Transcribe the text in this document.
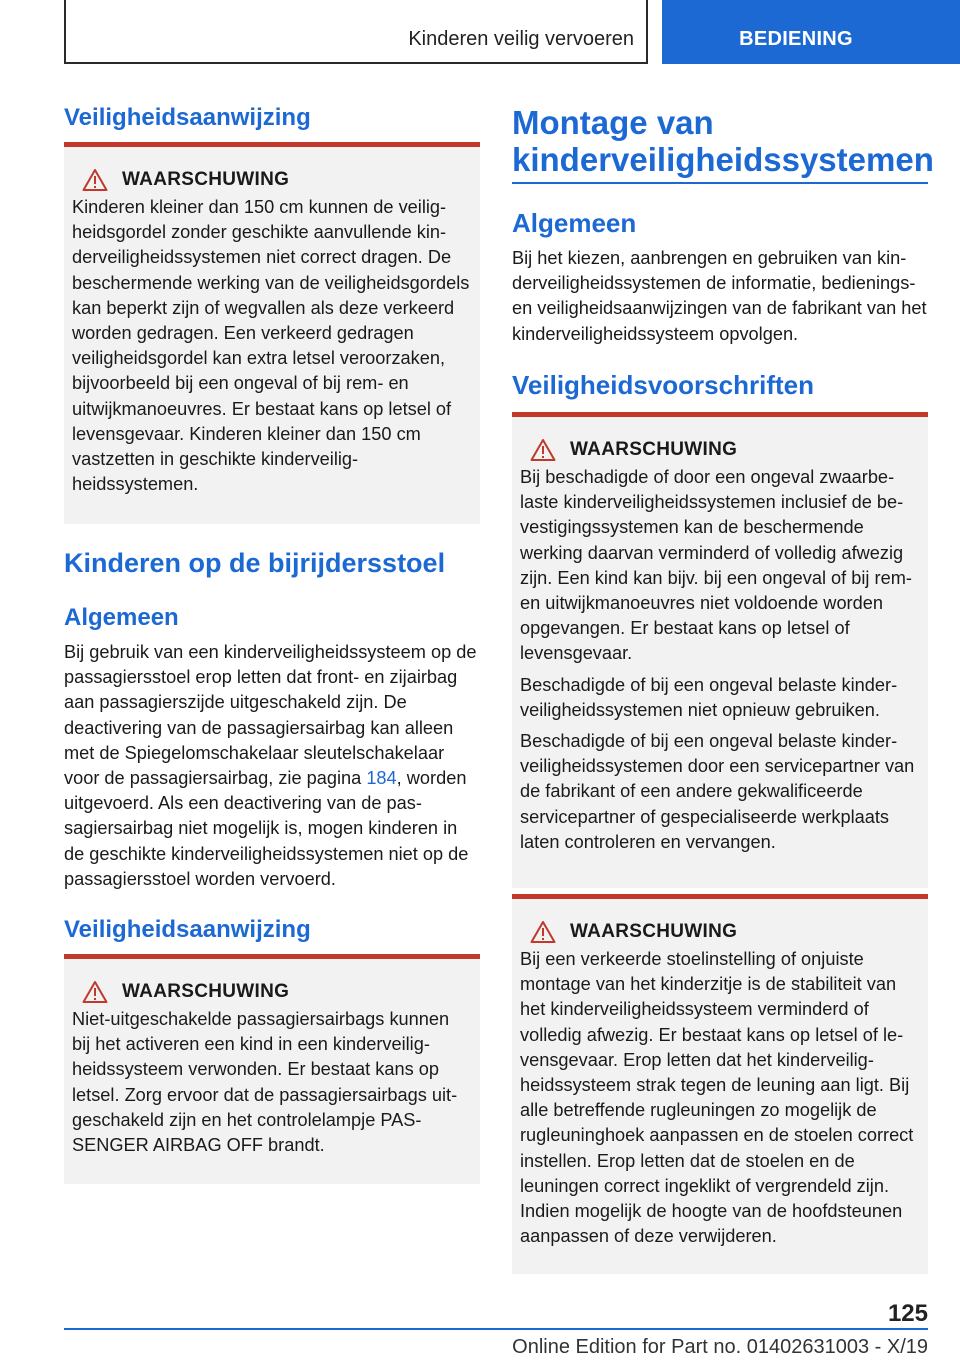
Kinderen veilig vervoeren	BEDIENING
Veiligheidsaanwijzing
WAARSCHUWING

Kinderen kleiner dan 150 cm kunnen de veiligheidsgordel zonder geschikte aanvullende kinderveiligheidssystemen niet correct dragen. De beschermende werking van de veiligheidsgordels kan beperkt zijn of wegvallen als deze verkeerd worden gedragen. Een verkeerd gedragen veiligheidsgordel kan extra letsel veroorzaken, bijvoorbeeld bij een ongeval of bij rem- en uitwijkmanoeuvres. Er bestaat kans op letsel of levensgevaar. Kinderen kleiner dan 150 cm vastzetten in geschikte kinderveiligheidssystemen.

Kinderen op de bijrijdersstoel
Algemeen

Bij gebruik van een kinderveiligheidssysteem op de passagiersstoel erop letten dat front- en zijairbag aan passagierszijde uitgeschakeld zijn. De deactivering van de passagiersairbag kan alleen met de Spiegelomschakelaar sleutelschakelaar voor de passagiersairbag, zie pagina 184, worden uitgevoerd. Als een deactivering van de passagiersairbag niet mogelijk is, mogen kinderen in de geschikte kinderveiligheidssystemen niet op de passagiersstoel worden vervoerd.

Veiligheidsaanwijzing
WAARSCHUWING

Niet-uitgeschakelde passagiersairbags kunnen bij het activeren een kind in een kinderveiligheidssysteem verwonden. Er bestaat kans op letsel. Zorg ervoor dat de passagiersairbags uitgeschakeld zijn en het controlelampje PASSENGER AIRBAG OFF brandt.

Montage van kinderveiligheidssystemen
Algemeen

Bij het kiezen, aanbrengen en gebruiken van kinderveiligheidssystemen de informatie, bedienings- en veiligheidsaanwijzingen van de fabrikant van het kinderveiligheidssysteem opvolgen.

Veiligheidsvoorschriften
WAARSCHUWING

Bij beschadigde of door een ongeval zwaarbelaste kinderveiligheidssystemen inclusief de bevestigingssystemen kan de beschermende werking daarvan verminderd of volledig afwezig zijn. Een kind kan bijv. bij een ongeval of bij rem- en uitwijkmanoeuvres niet voldoende worden opgevangen. Er bestaat kans op letsel of levensgevaar.

Beschadigde of bij een ongeval belaste kinderveiligheidssystemen niet opnieuw gebruiken.

Beschadigde of bij een ongeval belaste kinderveiligheidssystemen door een servicepartner van de fabrikant of een andere gekwalificeerde servicepartner of gespecialiseerde werkplaats laten controleren en vervangen.

WAARSCHUWING

Bij een verkeerde stoelinstelling of onjuiste montage van het kinderzitje is de stabiliteit van het kinderveiligheidssysteem verminderd of volledig afwezig. Er bestaat kans op letsel of levensgevaar. Erop letten dat het kinderveiligheidssysteem strak tegen de leuning aan ligt. Bij alle betreffende rugleuningen zo mogelijk de rugleuninghoek aanpassen en de stoelen correct instellen. Erop letten dat de stoelen en de leuningen correct ingeklikt of vergrendeld zijn. Indien mogelijk de hoogte van de hoofdsteunen aanpassen of deze verwijderen.

125
Online Edition for Part no. 01402631003 - X/19
